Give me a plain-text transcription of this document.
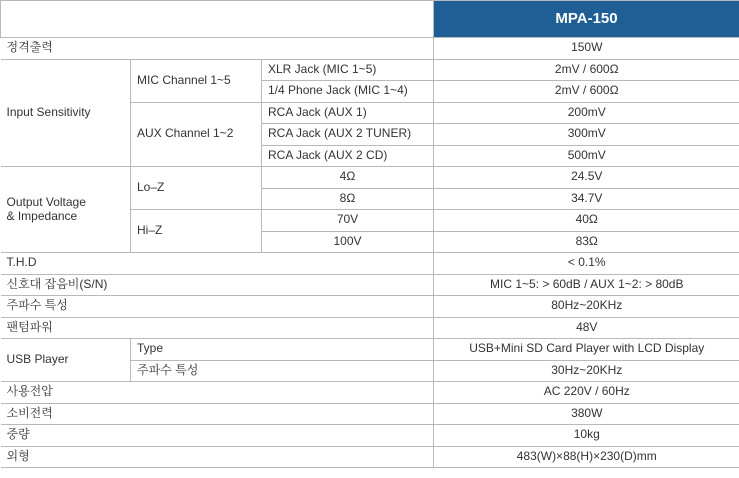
			MPA-150
정격출력			150W
Input Sensitivity	MIC Channel 1~5	XLR Jack (MIC 1~5)	2mV / 600Ω
		1/4 Phone Jack (MIC 1~4)	2mV / 600Ω
	AUX Channel 1~2	RCA Jack (AUX 1)	200mV
		RCA Jack (AUX 2 TUNER)	300mV
		RCA Jack (AUX 2 CD)	500mV

Output Voltage
& Impedance	Lo–Z	4Ω	24.5V
		8Ω	34.7V
	Hi–Z	70V	40Ω
		100V	83Ω
T.H.D			< 0.1%
신호대 잡음비(S/N)			MIC 1~5: > 60dB / AUX 1~2: > 80dB
주파수 특성			80Hz~20KHz
팬텀파워			48V
USB Player	Type		USB+Mini SD Card Player with LCD Display
	주파수 특성		30Hz~20KHz
사용전압			AC 220V / 60Hz
소비전력			380W
중량			10kg
외형			483(W)×88(H)×230(D)mm
